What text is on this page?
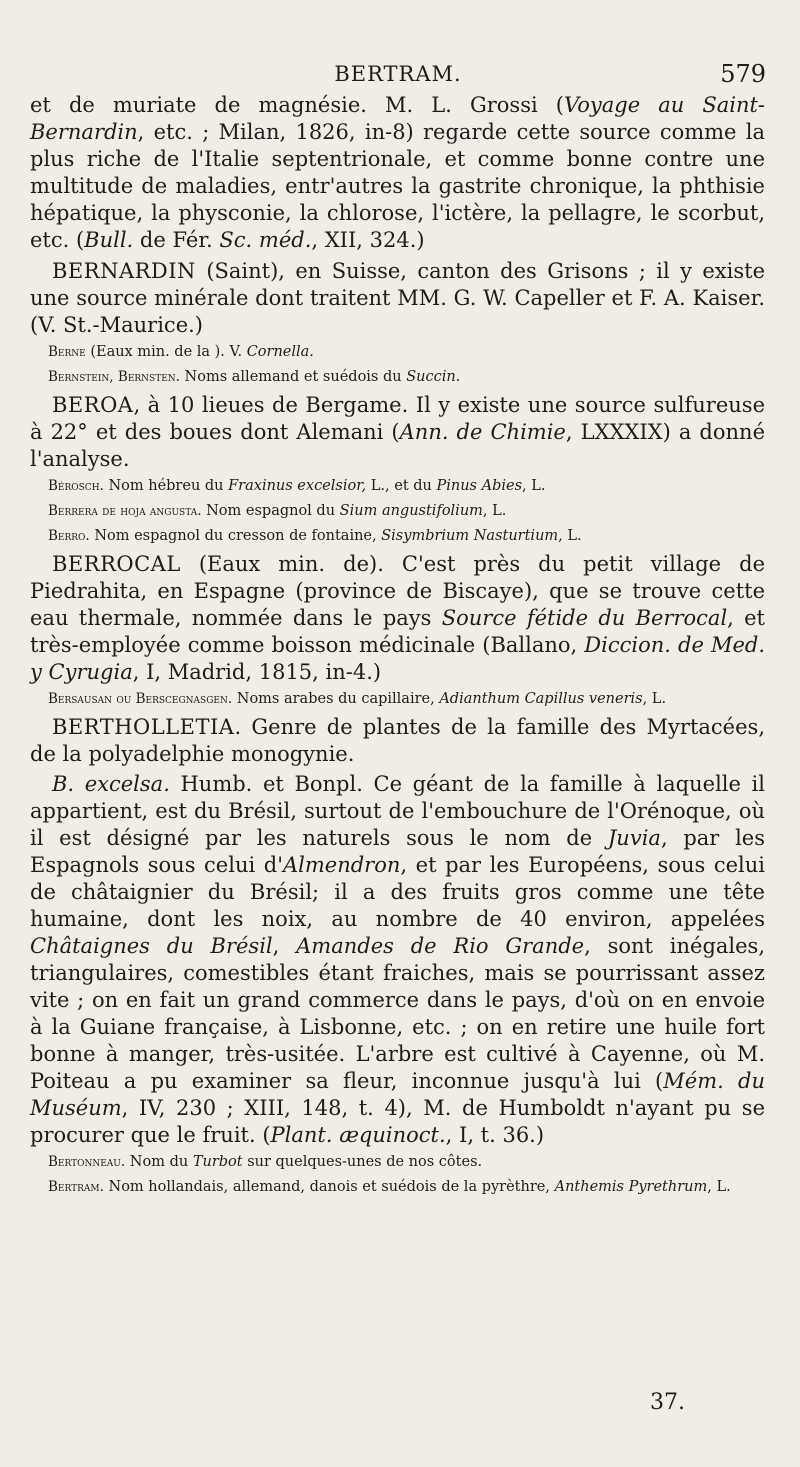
BERTRAM.	579

et de muriate de magnésie. M. L. Grossi (Voyage au Saint-Bernardin, etc. ; Milan, 1826, in-8) regarde cette source comme la plus riche de l'Italie septentrionale, et comme bonne contre une multitude de maladies, entr'autres la gastrite chronique, la phthisie hépatique, la physconie, la chlorose, l'ictère, la pellagre, le scorbut, etc. (Bull. de Fér. Sc. méd., XII, 324.)

BERNARDIN (Saint), en Suisse, canton des Grisons ; il y existe une source minérale dont traitent MM. G. W. Capeller et F. A. Kaiser. (V. St.-Maurice.)

Berne (Eaux min. de la ). V. Cornella.

Bernstein, Bernsten. Noms allemand et suédois du Succin.

BEROA, à 10 lieues de Bergame. Il y existe une source sulfureuse à 22° et des boues dont Alemani (Ann. de Chimie, LXXXIX) a donné l'analyse.

Bérosch. Nom hébreu du Fraxinus excelsior, L., et du Pinus Abies, L.

Berrera de hoja angusta. Nom espagnol du Sium angustifolium, L.

Berro. Nom espagnol du cresson de fontaine, Sisymbrium Nasturtium, L.

BERROCAL (Eaux min. de). C'est près du petit village de Piedrahita, en Espagne (province de Biscaye), que se trouve cette eau thermale, nommée dans le pays Source fétide du Berrocal, et très-employée comme boisson médicinale (Ballano, Diccion. de Med. y Cyrugia, I, Madrid, 1815, in-4.)

Bersausan ou Berscegnasgen. Noms arabes du capillaire, Adianthum Capillus veneris, L.

BERTHOLLETIA. Genre de plantes de la famille des Myrtacées, de la polyadelphie monogynie.

B. excelsa. Humb. et Bonpl. Ce géant de la famille à laquelle il appartient, est du Brésil, surtout de l'embouchure de l'Orénoque, où il est désigné par les naturels sous le nom de Juvia, par les Espagnols sous celui d'Almendron, et par les Européens, sous celui de châtaignier du Brésil; il a des fruits gros comme une tête humaine, dont les noix, au nombre de 40 environ, appelées Châtaignes du Brésil, Amandes de Rio Grande, sont inégales, triangulaires, comestibles étant fraiches, mais se pourrissant assez vite ; on en fait un grand commerce dans le pays, d'où on en envoie à la Guiane française, à Lisbonne, etc. ; on en retire une huile fort bonne à manger, très-usitée. L'arbre est cultivé à Cayenne, où M. Poiteau a pu examiner sa fleur, inconnue jusqu'à lui (Mém. du Muséum, IV, 230 ; XIII, 148, t. 4), M. de Humboldt n'ayant pu se procurer que le fruit. (Plant. æquinoct., I, t. 36.)

Bertonneau. Nom du Turbot sur quelques-unes de nos côtes.

Bertram. Nom hollandais, allemand, danois et suédois de la pyrèthre, Anthemis Pyrethrum, L.

37.
